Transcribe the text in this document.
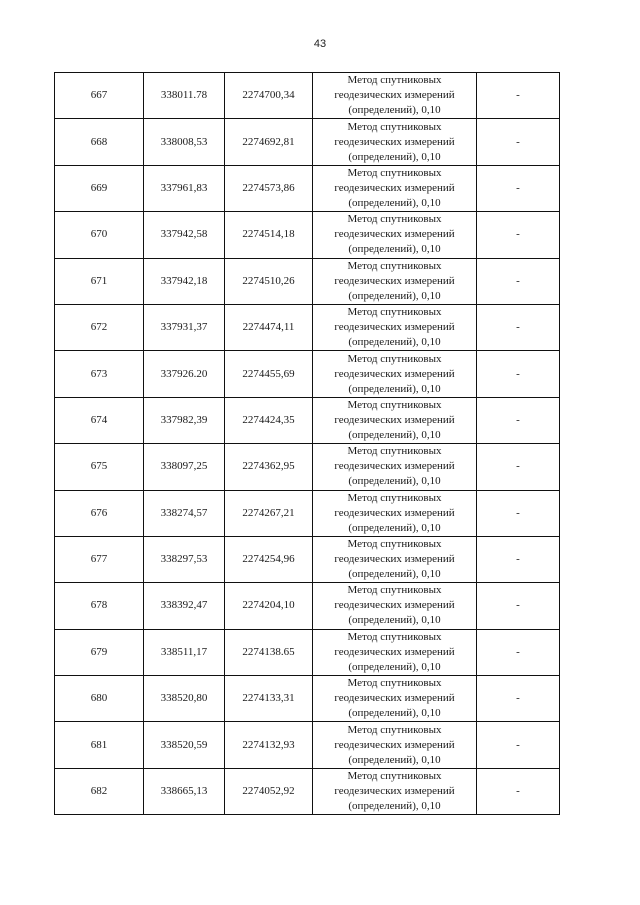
43
667	338011.78	2274700,34	Метод спутниковых
геодезических измерений
(определений), 0,10	-
668	338008,53	2274692,81	Метод спутниковых
геодезических измерений
(определений), 0,10	-
669	337961,83	2274573,86	Метод спутниковых
геодезических измерений
(определений), 0,10	-
670	337942,58	2274514,18	Метод спутниковых
геодезических измерений
(определений), 0,10	-
671	337942,18	2274510,26	Метод спутниковых
геодезических измерений
(определений), 0,10	-
672	337931,37	2274474,11	Метод спутниковых
геодезических измерений
(определений), 0,10	-
673	337926.20	2274455,69	Метод спутниковых
геодезических измерений
(определений), 0,10	-
674	337982,39	2274424,35	Метод спутниковых
геодезических измерений
(определений), 0,10	-
675	338097,25	2274362,95	Метод спутниковых
геодезических измерений
(определений), 0,10	-
676	338274,57	2274267,21	Метод спутниковых
геодезических измерений
(определений), 0,10	-
677	338297,53	2274254,96	Метод спутниковых
геодезических измерений
(определений), 0,10	-
678	338392,47	2274204,10	Метод спутниковых
геодезических измерений
(определений), 0,10	-
679	338511,17	2274138.65	Метод спутниковых
геодезических измерений
(определений), 0,10	-
680	338520,80	2274133,31	Метод спутниковых
геодезических измерений
(определений), 0,10	-
681	338520,59	2274132,93	Метод спутниковых
геодезических измерений
(определений), 0,10	-
682	338665,13	2274052,92	Метод спутниковых
геодезических измерений
(определений), 0,10	-
